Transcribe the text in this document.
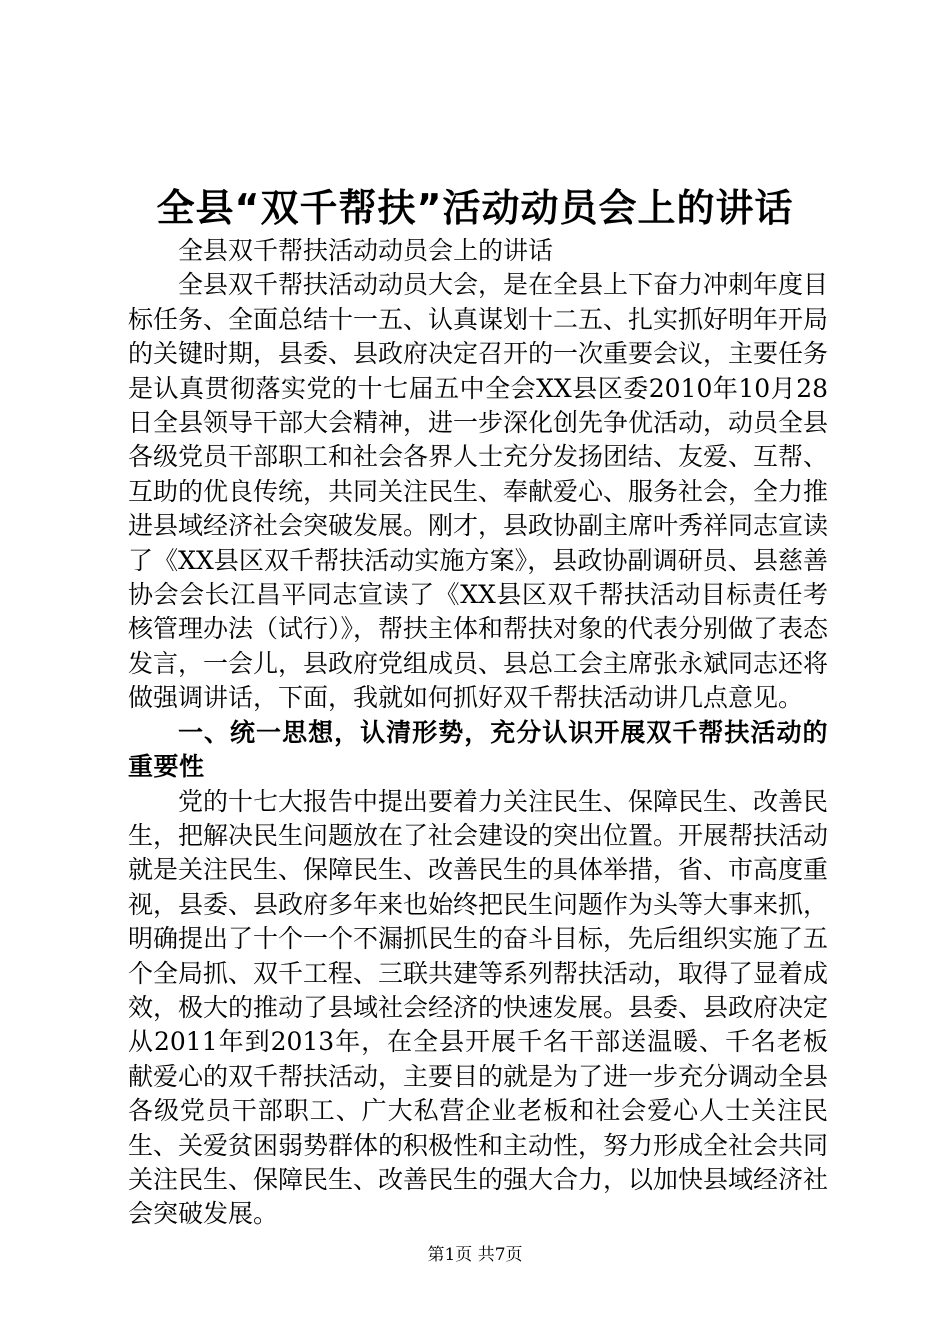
全县“双千帮扶”活动动员会上的讲话

全县双千帮扶活动动员会上的讲话

全县双千帮扶活动动员大会，是在全县上下奋力冲刺年度目标任务、全面总结十一五、认真谋划十二五、扎实抓好明年开局的关键时期，县委、县政府决定召开的一次重要会议，主要任务是认真贯彻落实党的十七届五中全会XX县区委2010年10月28日全县领导干部大会精神，进一步深化创先争优活动，动员全县各级党员干部职工和社会各界人士充分发扬团结、友爱、互帮、互助的优良传统，共同关注民生、奉献爱心、服务社会，全力推进县域经济社会突破发展。刚才，县政协副主席叶秀祥同志宣读了《XX县区双千帮扶活动实施方案》，县政协副调研员、县慈善协会会长江昌平同志宣读了《XX县区双千帮扶活动目标责任考核管理办法（试行）》，帮扶主体和帮扶对象的代表分别做了表态发言，一会儿，县政府党组成员、县总工会主席张永斌同志还将做强调讲话，下面，我就如何抓好双千帮扶活动讲几点意见。

一、统一思想，认清形势，充分认识开展双千帮扶活动的重要性

党的十七大报告中提出要着力关注民生、保障民生、改善民生，把解决民生问题放在了社会建设的突出位置。开展帮扶活动就是关注民生、保障民生、改善民生的具体举措，省、市高度重视，县委、县政府多年来也始终把民生问题作为头等大事来抓，明确提出了十个一个不漏抓民生的奋斗目标，先后组织实施了五个全局抓、双千工程、三联共建等系列帮扶活动，取得了显着成效，极大的推动了县域社会经济的快速发展。县委、县政府决定从2011年到2013年，在全县开展千名干部送温暖、千名老板献爱心的双千帮扶活动，主要目的就是为了进一步充分调动全县各级党员干部职工、广大私营企业老板和社会爱心人士关注民生、关爱贫困弱势群体的积极性和主动性，努力形成全社会共同关注民生、保障民生、改善民生的强大合力，以加快县域经济社会突破发展。

第1页 共7页
